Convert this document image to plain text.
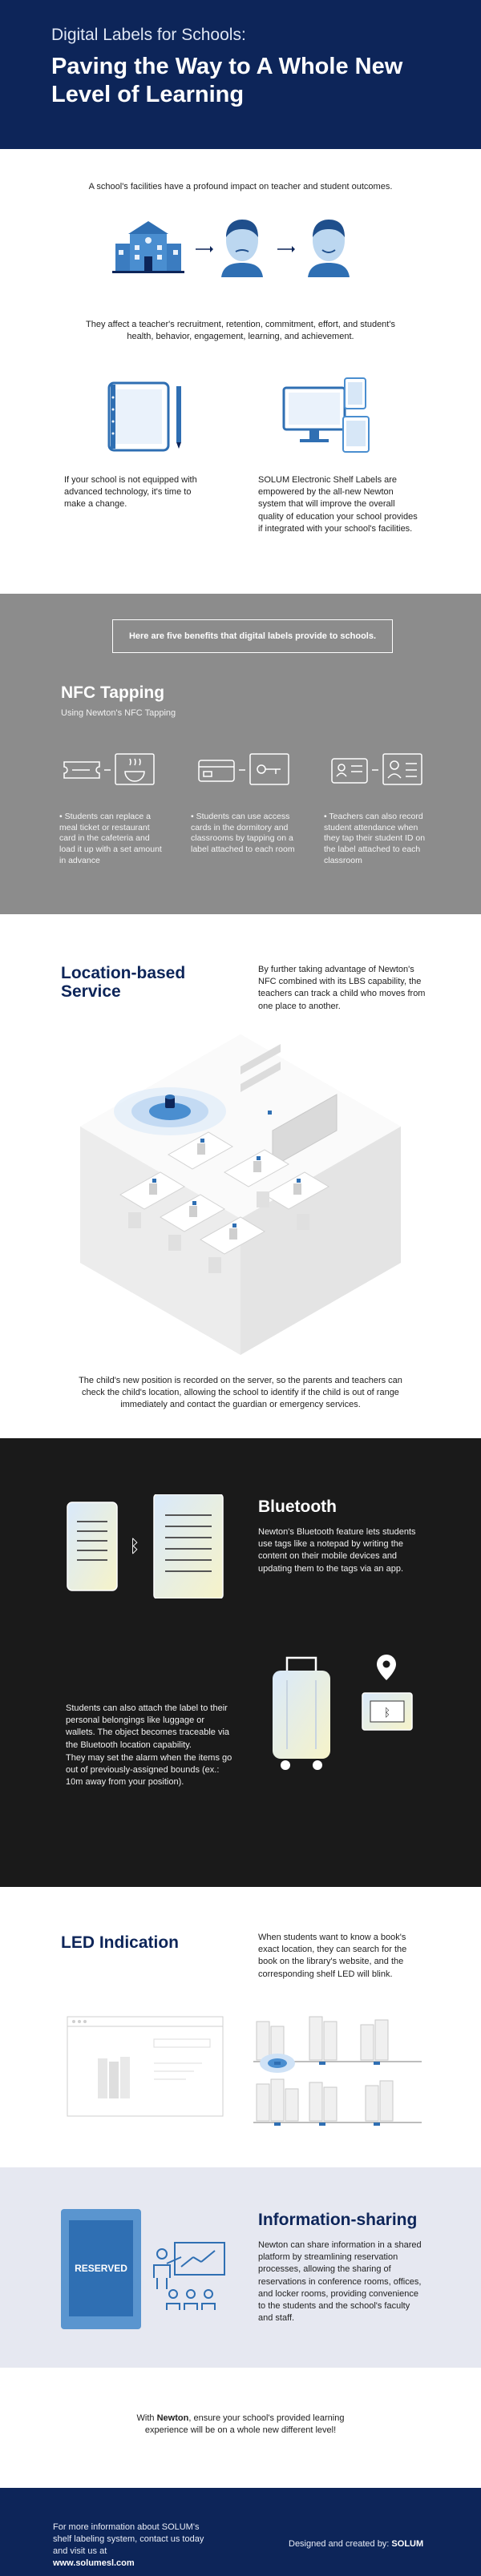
Digital Labels for Schools:
Paving the Way to A Whole New Level of Learning

A school's facilities have a profound impact on teacher and student outcomes.

They affect a teacher's recruitment, retention, commitment, effort, and student's health, behavior, engagement, learning, and achievement.

If your school is not equipped with advanced technology, it's time to make a change.

SOLUM Electronic Shelf Labels are empowered by the all-new Newton system that will improve the overall quality of education your school provides if integrated with your school's facilities.

Here are five benefits that digital labels provide to schools.
NFC Tapping
Using Newton's NFC Tapping
• Students can replace a meal ticket or restaurant card in the cafeteria and load it up with a set amount in advance
• Students can use access cards in the dormitory and classrooms by tapping on a label attached to each room
• Teachers can also record student attendance when they tap their student ID on the label attached to each classroom
Location-based Service

By further taking advantage of Newton's NFC combined with its LBS capability, the teachers can track a child who moves from one place to another.

The child's new position is recorded on the server, so the parents and teachers can check the child's location, allowing the school to identify if the child is out of range immediately and contact the guardian or emergency services.

ᛒ
Bluetooth

Newton's Bluetooth feature lets students use tags like a notepad by writing the content on their mobile devices and updating them to the tags via an app.

Students can also attach the label to their personal belongings like luggage or wallets. The object becomes traceable via the Bluetooth location capability.

They may set the alarm when the items go out of previously-assigned bounds (ex.: 10m away from your position).

ᛒ
LED Indication	When students want to know a book's exact location, they can search for the book on the library's website, and the corresponding shelf LED will blink.

RESERVED
Information-sharing

Newton can share information in a shared platform by streamlining reservation processes, allowing the sharing of reservations in conference rooms, offices, and locker rooms, providing convenience to the students and the school's faculty and staff.

With Newton, ensure your school's provided learning experience will be on a whole new different level!

For more information about SOLUM's shelf labeling system, contact us today and visit us at
www.solumesl.com
Designed and created by: SOLUM
